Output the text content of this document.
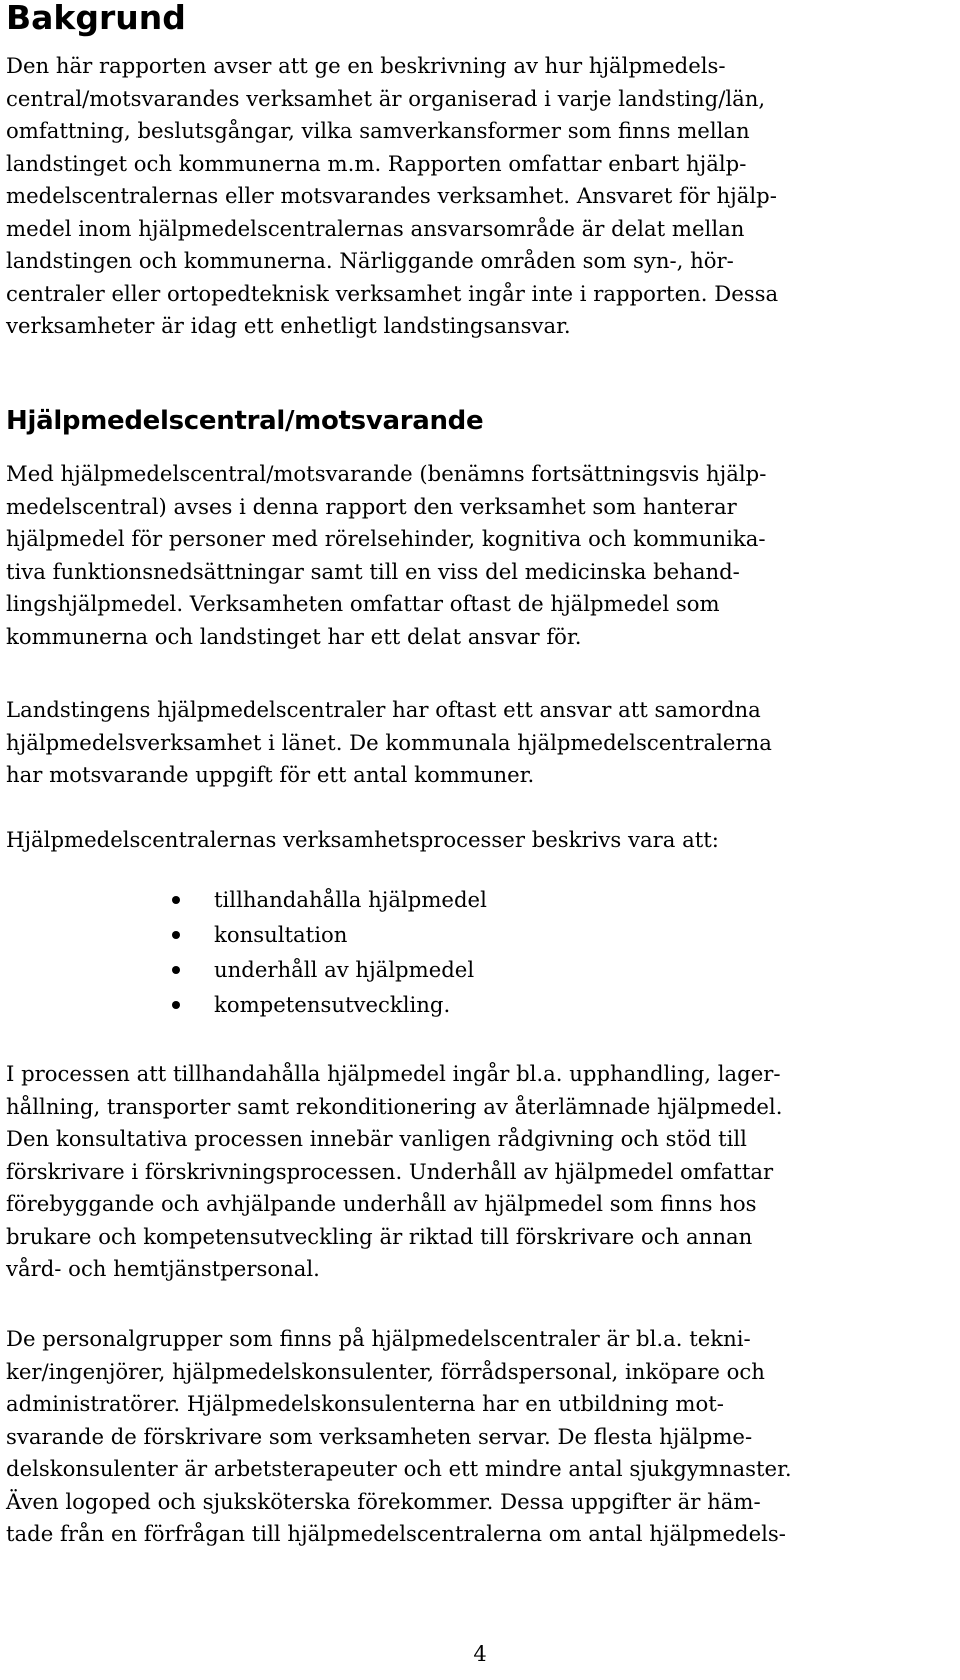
Bakgrund

Den här rapporten avser att ge en beskrivning av hur hjälpmedels-
central/motsvarandes verksamhet är organiserad i varje landsting/län,
omfattning, beslutsgångar, vilka samverkansformer som finns mellan
landstinget och kommunerna m.m. Rapporten omfattar enbart hjälp-
medelscentralernas eller motsvarandes verksamhet. Ansvaret för hjälp-
medel inom hjälpmedelscentralernas ansvarsområde är delat mellan
landstingen och kommunerna. Närliggande områden som syn-, hör-
centraler eller ortopedteknisk verksamhet ingår inte i rapporten. Dessa
verksamheter är idag ett enhetligt landstingsansvar.

Hjälpmedelscentral/motsvarande

Med hjälpmedelscentral/motsvarande (benämns fortsättningsvis hjälp-
medelscentral) avses i denna rapport den verksamhet som hanterar
hjälpmedel för personer med rörelsehinder, kognitiva och kommunika-
tiva funktionsnedsättningar samt till en viss del medicinska behand-
lingshjälpmedel. Verksamheten omfattar oftast de hjälpmedel som
kommunerna och landstinget har ett delat ansvar för.

Landstingens hjälpmedelscentraler har oftast ett ansvar att samordna
hjälpmedelsverksamhet i länet. De kommunala hjälpmedelscentralerna
har motsvarande uppgift för ett antal kommuner.

Hjälpmedelscentralernas verksamhetsprocesser beskrivs vara att:

tillhandahålla hjälpmedel
konsultation
underhåll av hjälpmedel
kompetensutveckling.

I processen att tillhandahålla hjälpmedel ingår bl.a. upphandling, lager-
hållning, transporter samt rekonditionering av återlämnade hjälpmedel.
Den konsultativa processen innebär vanligen rådgivning och stöd till
förskrivare i förskrivningsprocessen. Underhåll av hjälpmedel omfattar
förebyggande och avhjälpande underhåll av hjälpmedel som finns hos
brukare och kompetensutveckling är riktad till förskrivare och annan
vård- och hemtjänstpersonal.

De personalgrupper som finns på hjälpmedelscentraler är bl.a. tekni-
ker/ingenjörer, hjälpmedelskonsulenter, förrådspersonal, inköpare och
administratörer. Hjälpmedelskonsulenterna har en utbildning mot-
svarande de förskrivare som verksamheten servar. De flesta hjälpme-
delskonsulenter är arbetsterapeuter och ett mindre antal sjukgymnaster.
Även logoped och sjuksköterska förekommer. Dessa uppgifter är häm-
tade från en förfrågan till hjälpmedelscentralerna om antal hjälpmedels-

4
